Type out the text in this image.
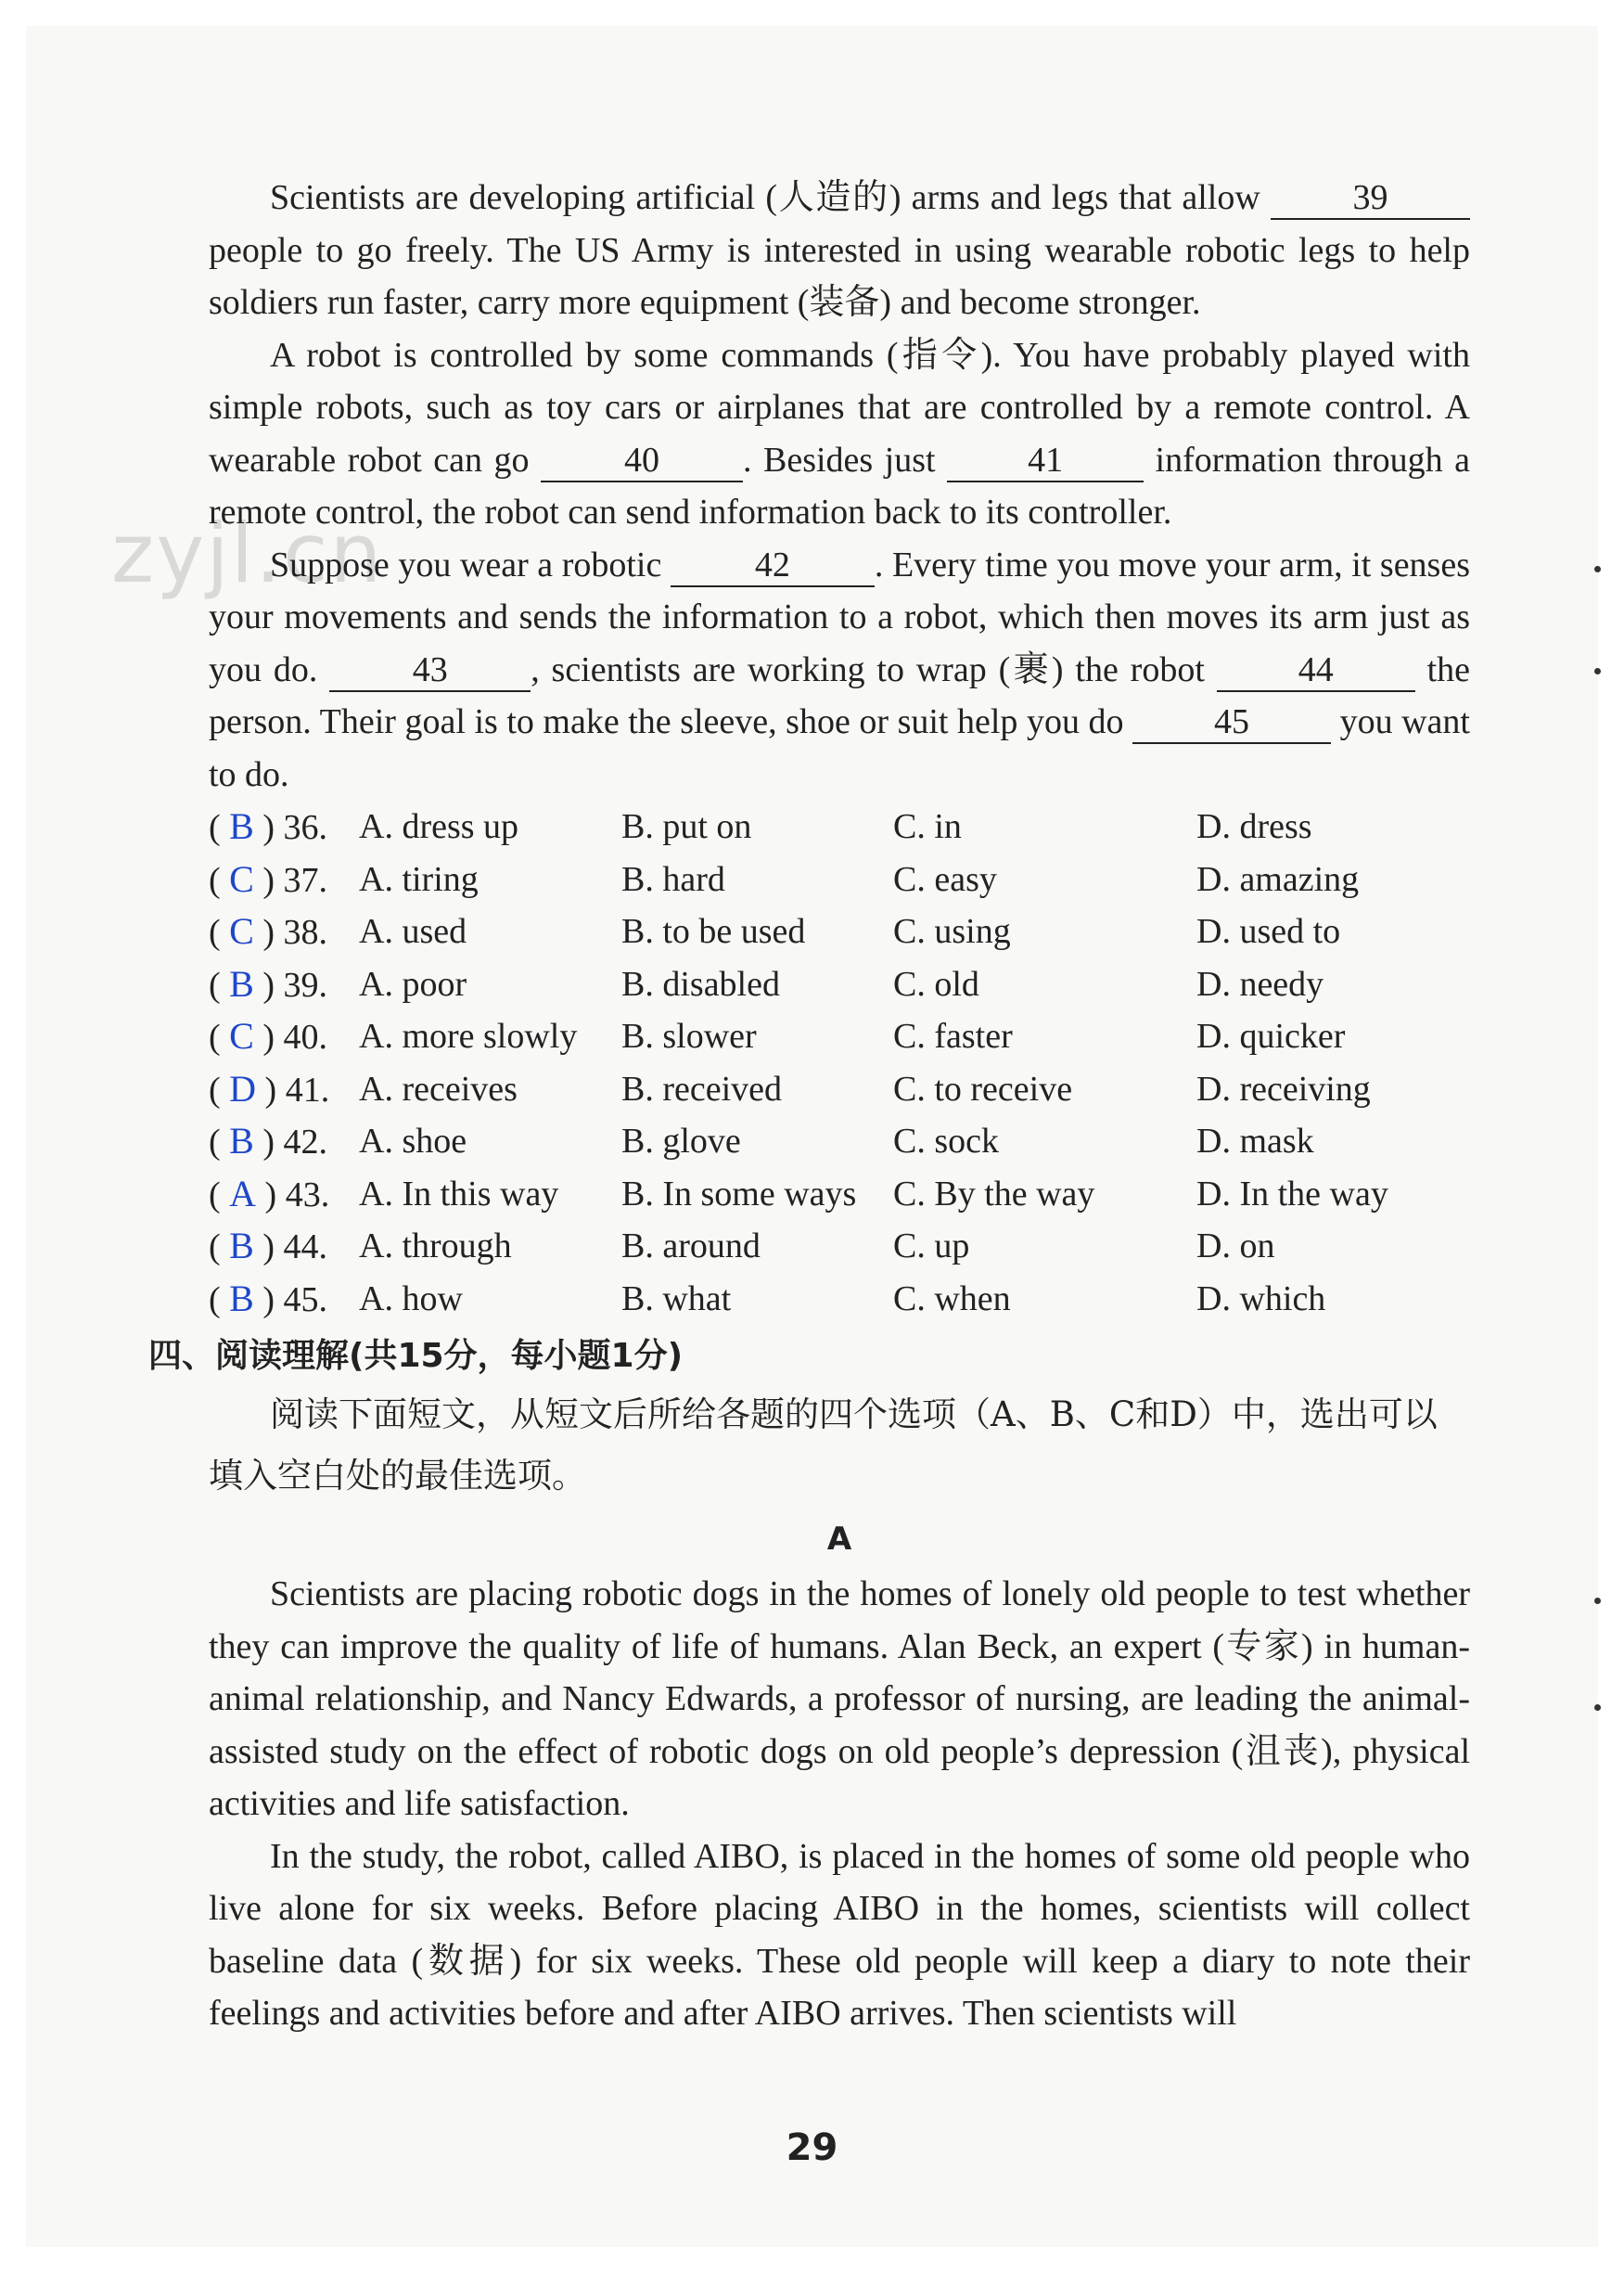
zyjl.cn

Scientists are developing artificial (人造的) arms and legs that allow	39 people to go freely. The US Army is interested in using wearable robotic legs to help soldiers run faster, carry more equipment (装备) and become stronger.

A robot is controlled by some commands (指令). You have probably played with simple robots, such as toy cars or airplanes that are controlled by a remote control. A wearable robot can go 40 . Besides just 41 information through a remote control, the robot can send information back to its controller.

Suppose you wear a robotic 42 . Every time you move your arm, it senses your movements and sends the information to a robot, which then moves its arm just as you do. 43 , scientists are working to wrap (裹) the robot 44 the person. Their goal is to make the sleeve, shoe or suit help you do 45 you want to do.

( B ) 36. A. dress up	B. put on	C. in	D. dress
( C ) 37. A. tiring	B. hard	C. easy	D. amazing
( C ) 38. A. used	B. to be used C. using	D. used to
( B ) 39. A. poor	B. disabled	C. old	D. needy
( C ) 40. A. more slowly B. slower	C. faster	D. quicker
( D ) 41. A. receives	B. received	C. to receive	D. receiving
( B ) 42. A. shoe	B. glove	C. sock	D. mask
( A ) 43. A. In this way B. In some ways C. By the way	D. In the way
( B ) 44. A. through	B. around	C. up	D. on
( B ) 45. A. how	B. what	C. when	D. which
四、阅读理解(共15分，每小题1分)

阅读下面短文，从短文后所给各题的四个选项（A、B、C和D）中，选出可以填入空白处的最佳选项。

A

Scientists are placing robotic dogs in the homes of lonely old people to test whether they can improve the quality of life of humans. Alan Beck, an expert (专家) in human-animal relationship, and Nancy Edwards, a professor of nursing, are leading the animal-assisted study on the effect of robotic dogs on old people’s depression (沮丧), physical activities and life satisfaction.

In the study, the robot, called AIBO, is placed in the homes of some old people who live alone for six weeks. Before placing AIBO in the homes, scientists will collect baseline data (数据) for six weeks. These old people will keep a diary to note their feelings and activities before and after AIBO arrives. Then scientists will

29
